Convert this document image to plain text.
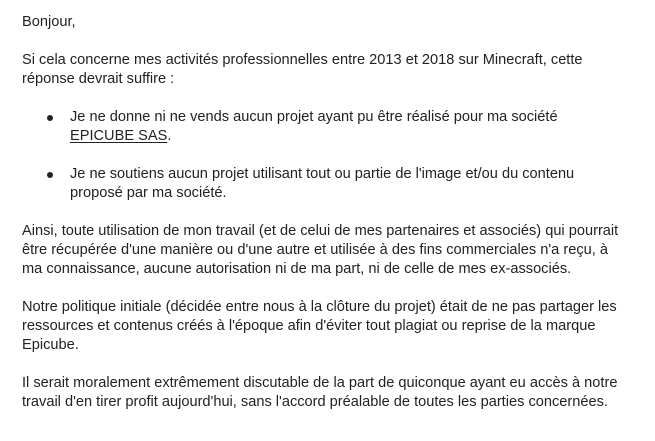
Bonjour,
Si cela concerne mes activités professionnelles entre 2013 et 2018 sur Minecraft, cette
réponse devrait suffire :
Je ne donne ni ne vends aucun projet ayant pu être réalisé pour ma société
EPICUBE SAS.
Je ne soutiens aucun projet utilisant tout ou partie de l'image et/ou du contenu
proposé par ma société.
Ainsi, toute utilisation de mon travail (et de celui de mes partenaires et associés) qui pourrait
être récupérée d'une manière ou d'une autre et utilisée à des fins commerciales n'a reçu, à
ma connaissance, aucune autorisation ni de ma part, ni de celle de mes ex-associés.
Notre politique initiale (décidée entre nous à la clôture du projet) était de ne pas partager les
ressources et contenus créés à l'époque afin d'éviter tout plagiat ou reprise de la marque
Epicube.
Il serait moralement extrêmement discutable de la part de quiconque ayant eu accès à notre
travail d'en tirer profit aujourd'hui, sans l'accord préalable de toutes les parties concernées.
